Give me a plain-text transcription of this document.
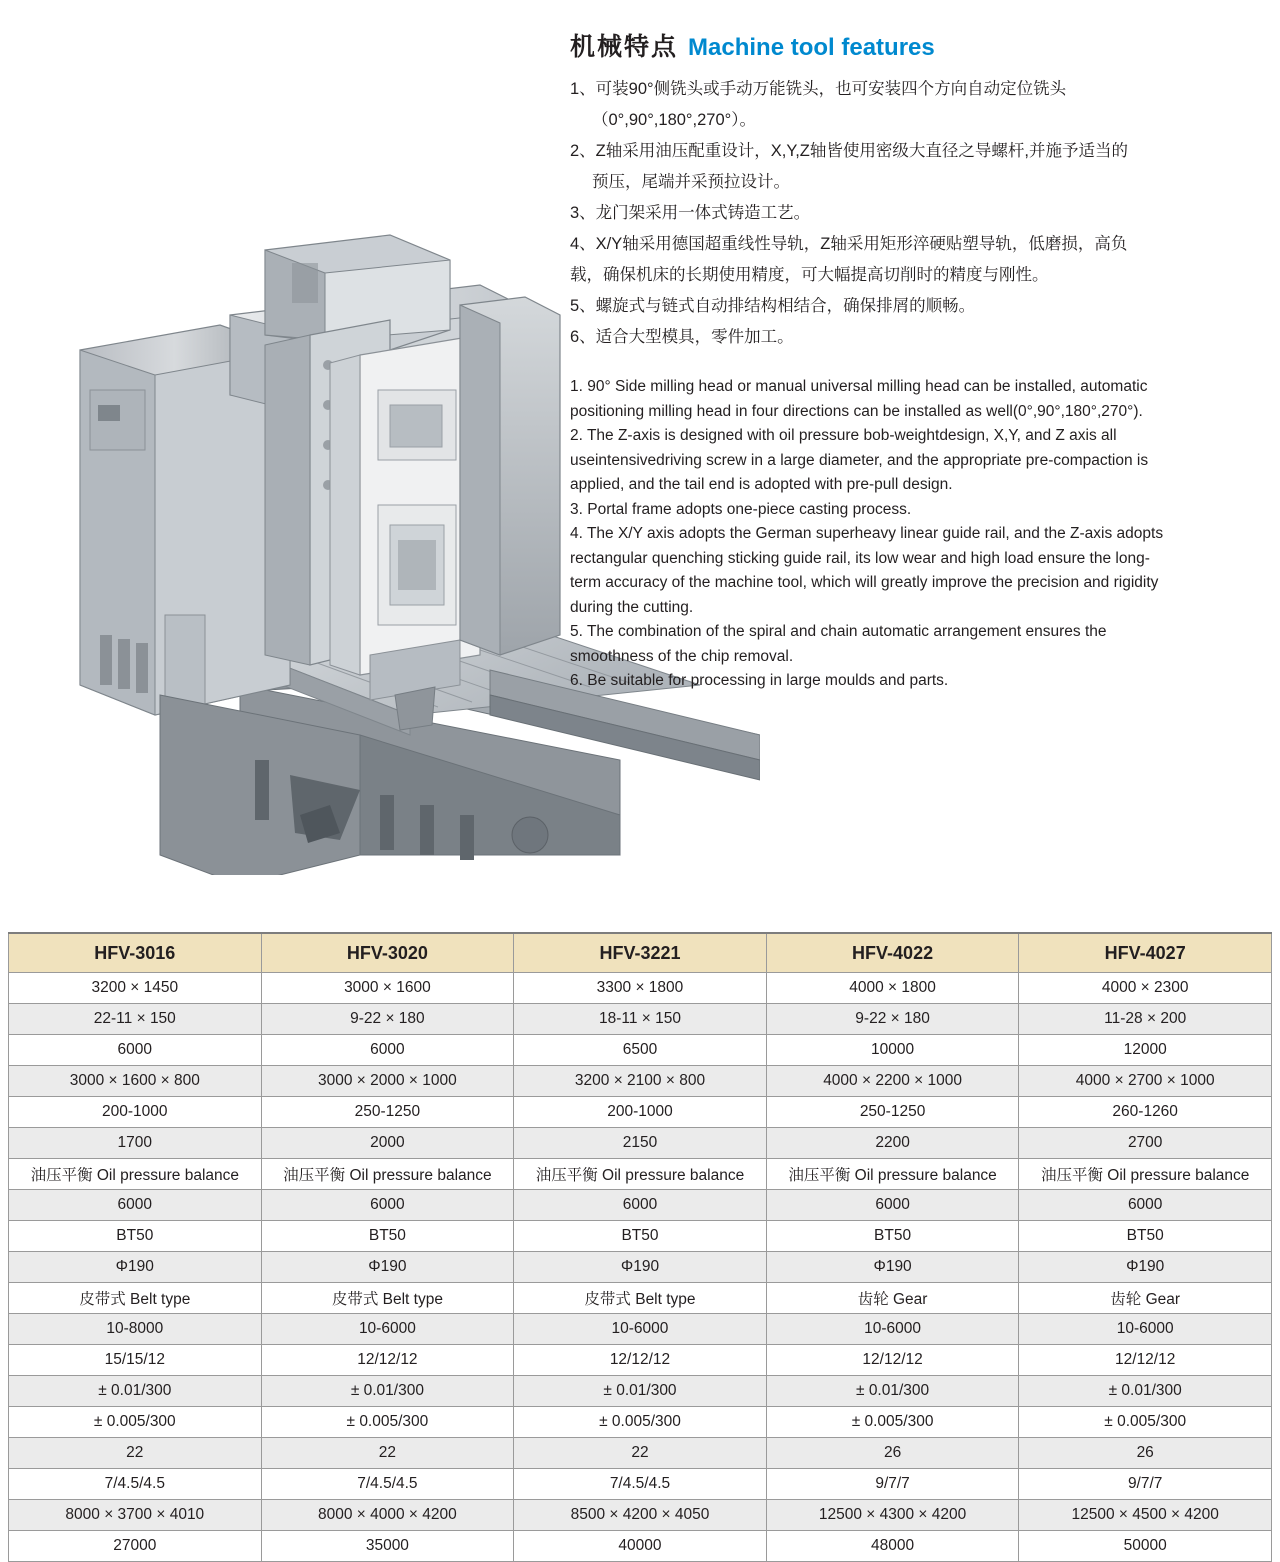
机械特点 Machine tool features
1、可装90°侧铣头或手动万能铣头，也可安装四个方向自动定位铣头
（0°,90°,180°,270°）。
2、Z轴采用油压配重设计，X,Y,Z轴皆使用密级大直径之导螺杆,并施予适当的
预压，尾端并采预拉设计。
3、龙门架采用一体式铸造工艺。
4、X/Y轴采用德国超重线性导轨，Z轴采用矩形淬硬贴塑导轨，低磨损，高负
载，确保机床的长期使用精度，可大幅提高切削时的精度与刚性。
5、螺旋式与链式自动排结构相结合，确保排屑的顺畅。
6、适合大型模具，零件加工。
1. 90° Side milling head or manual universal milling head can be installed, automatic
positioning milling head in four directions can be installed as well(0°,90°,180°,270°).
2. The Z-axis is designed with oil pressure bob-weightdesign, X,Y, and Z axis all
useintensivedriving screw in a large diameter, and the appropriate pre-compaction is
applied, and the tail end is adopted with pre-pull design.
3. Portal frame adopts one-piece casting process.
4. The X/Y axis adopts the German superheavy linear guide rail, and the Z-axis adopts
rectangular quenching sticking guide rail, its low wear and high load ensure the long-
term accuracy of the machine tool, which will greatly improve the precision and rigidity
during the cutting.
5. The combination of the spiral and chain automatic arrangement ensures the
smoothness of the chip removal.
6. Be suitable for processing in large moulds and parts.
HFV-3016	HFV-3020	HFV-3221	HFV-4022	HFV-4027
3200 × 1450	3000 × 1600	3300 × 1800	4000 × 1800	4000 × 2300
22-11 × 150	9-22 × 180	18-11 × 150	9-22 × 180	11-28 × 200
6000	6000	6500	10000	12000
3000 × 1600 × 800	3000 × 2000 × 1000	3200 × 2100 × 800	4000 × 2200 × 1000	4000 × 2700 × 1000
200-1000	250-1250	200-1000	250-1250	260-1260
1700	2000	2150	2200	2700
油压平衡 Oil pressure balance	油压平衡 Oil pressure balance	油压平衡 Oil pressure balance	油压平衡 Oil pressure balance	油压平衡 Oil pressure balance
6000	6000	6000	6000	6000
BT50	BT50	BT50	BT50	BT50
Φ190	Φ190	Φ190	Φ190	Φ190
皮带式 Belt type	皮带式 Belt type	皮带式 Belt type	齿轮 Gear	齿轮 Gear
10-8000	10-6000	10-6000	10-6000	10-6000
15/15/12	12/12/12	12/12/12	12/12/12	12/12/12
± 0.01/300	± 0.01/300	± 0.01/300	± 0.01/300	± 0.01/300
± 0.005/300	± 0.005/300	± 0.005/300	± 0.005/300	± 0.005/300
22	22	22	26	26
7/4.5/4.5	7/4.5/4.5	7/4.5/4.5	9/7/7	9/7/7
8000 × 3700 × 4010	8000 × 4000 × 4200	8500 × 4200 × 4050	12500 × 4300 × 4200	12500 × 4500 × 4200
27000	35000	40000	48000	50000
